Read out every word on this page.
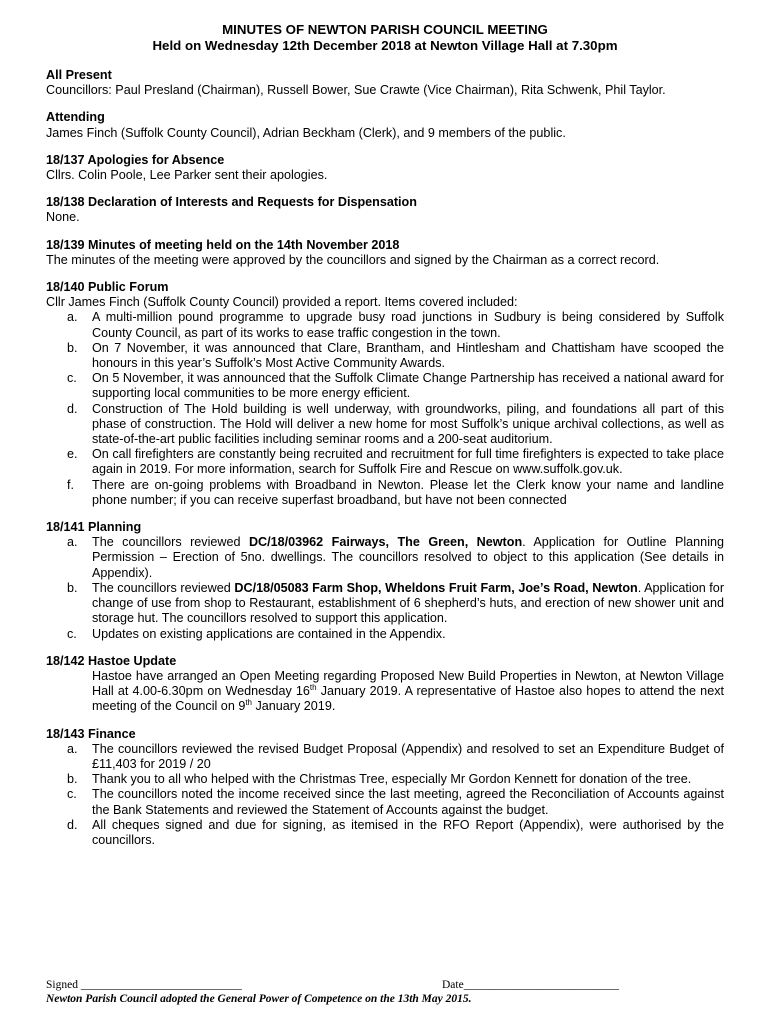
MINUTES OF NEWTON PARISH COUNCIL MEETING
Held on Wednesday 12th December 2018 at Newton Village Hall at 7.30pm
All Present
Councillors: Paul Presland (Chairman), Russell Bower, Sue Crawte (Vice Chairman), Rita Schwenk, Phil Taylor.
Attending
James Finch (Suffolk County Council), Adrian Beckham (Clerk), and 9 members of the public.
18/137 Apologies for Absence
Cllrs. Colin Poole, Lee Parker sent their apologies.
18/138 Declaration of Interests and Requests for Dispensation
None.
18/139 Minutes of meeting held on the 14th November 2018
The minutes of the meeting were approved by the councillors and signed by the Chairman as a correct record.
18/140 Public Forum
Cllr James Finch (Suffolk County Council) provided a report. Items covered included:
a. A multi-million pound programme to upgrade busy road junctions in Sudbury is being considered by Suffolk County Council, as part of its works to ease traffic congestion in the town.
b. On 7 November, it was announced that Clare, Brantham, and Hintlesham and Chattisham have scooped the honours in this year’s Suffolk’s Most Active Community Awards.
c. On 5 November, it was announced that the Suffolk Climate Change Partnership has received a national award for supporting local communities to be more energy efficient.
d. Construction of The Hold building is well underway, with groundworks, piling, and foundations all part of this phase of construction. The Hold will deliver a new home for most Suffolk’s unique archival collections, as well as state-of-the-art public facilities including seminar rooms and a 200-seat auditorium.
e. On call firefighters are constantly being recruited and recruitment for full time firefighters is expected to take place again in 2019. For more information, search for Suffolk Fire and Rescue on www.suffolk.gov.uk.
f. There are on-going problems with Broadband in Newton. Please let the Clerk know your name and landline phone number; if you can receive superfast broadband, but have not been connected
18/141 Planning
a. The councillors reviewed DC/18/03962 Fairways, The Green, Newton. Application for Outline Planning Permission – Erection of 5no. dwellings. The councillors resolved to object to this application (See details in Appendix).
b. The councillors reviewed DC/18/05083 Farm Shop, Wheldons Fruit Farm, Joe’s Road, Newton. Application for change of use from shop to Restaurant, establishment of 6 shepherd’s huts, and erection of new shower unit and storage hut. The councillors resolved to support this application.
c. Updates on existing applications are contained in the Appendix.
18/142 Hastoe Update
Hastoe have arranged an Open Meeting regarding Proposed New Build Properties in Newton, at Newton Village Hall at 4.00-6.30pm on Wednesday 16th January 2019. A representative of Hastoe also hopes to attend the next meeting of the Council on 9th January 2019.
18/143 Finance
a. The councillors reviewed the revised Budget Proposal (Appendix) and resolved to set an Expenditure Budget of £11,403 for 2019 / 20
b. Thank you to all who helped with the Christmas Tree, especially Mr Gordon Kennett for donation of the tree.
c. The councillors noted the income received since the last meeting, agreed the Reconciliation of Accounts against the Bank Statements and reviewed the Statement of Accounts against the budget.
d. All cheques signed and due for signing, as itemised in the RFO Report (Appendix), were authorised by the councillors.
Signed ____________________________	Date___________________________
Newton Parish Council adopted the General Power of Competence on the 13th May 2015.
